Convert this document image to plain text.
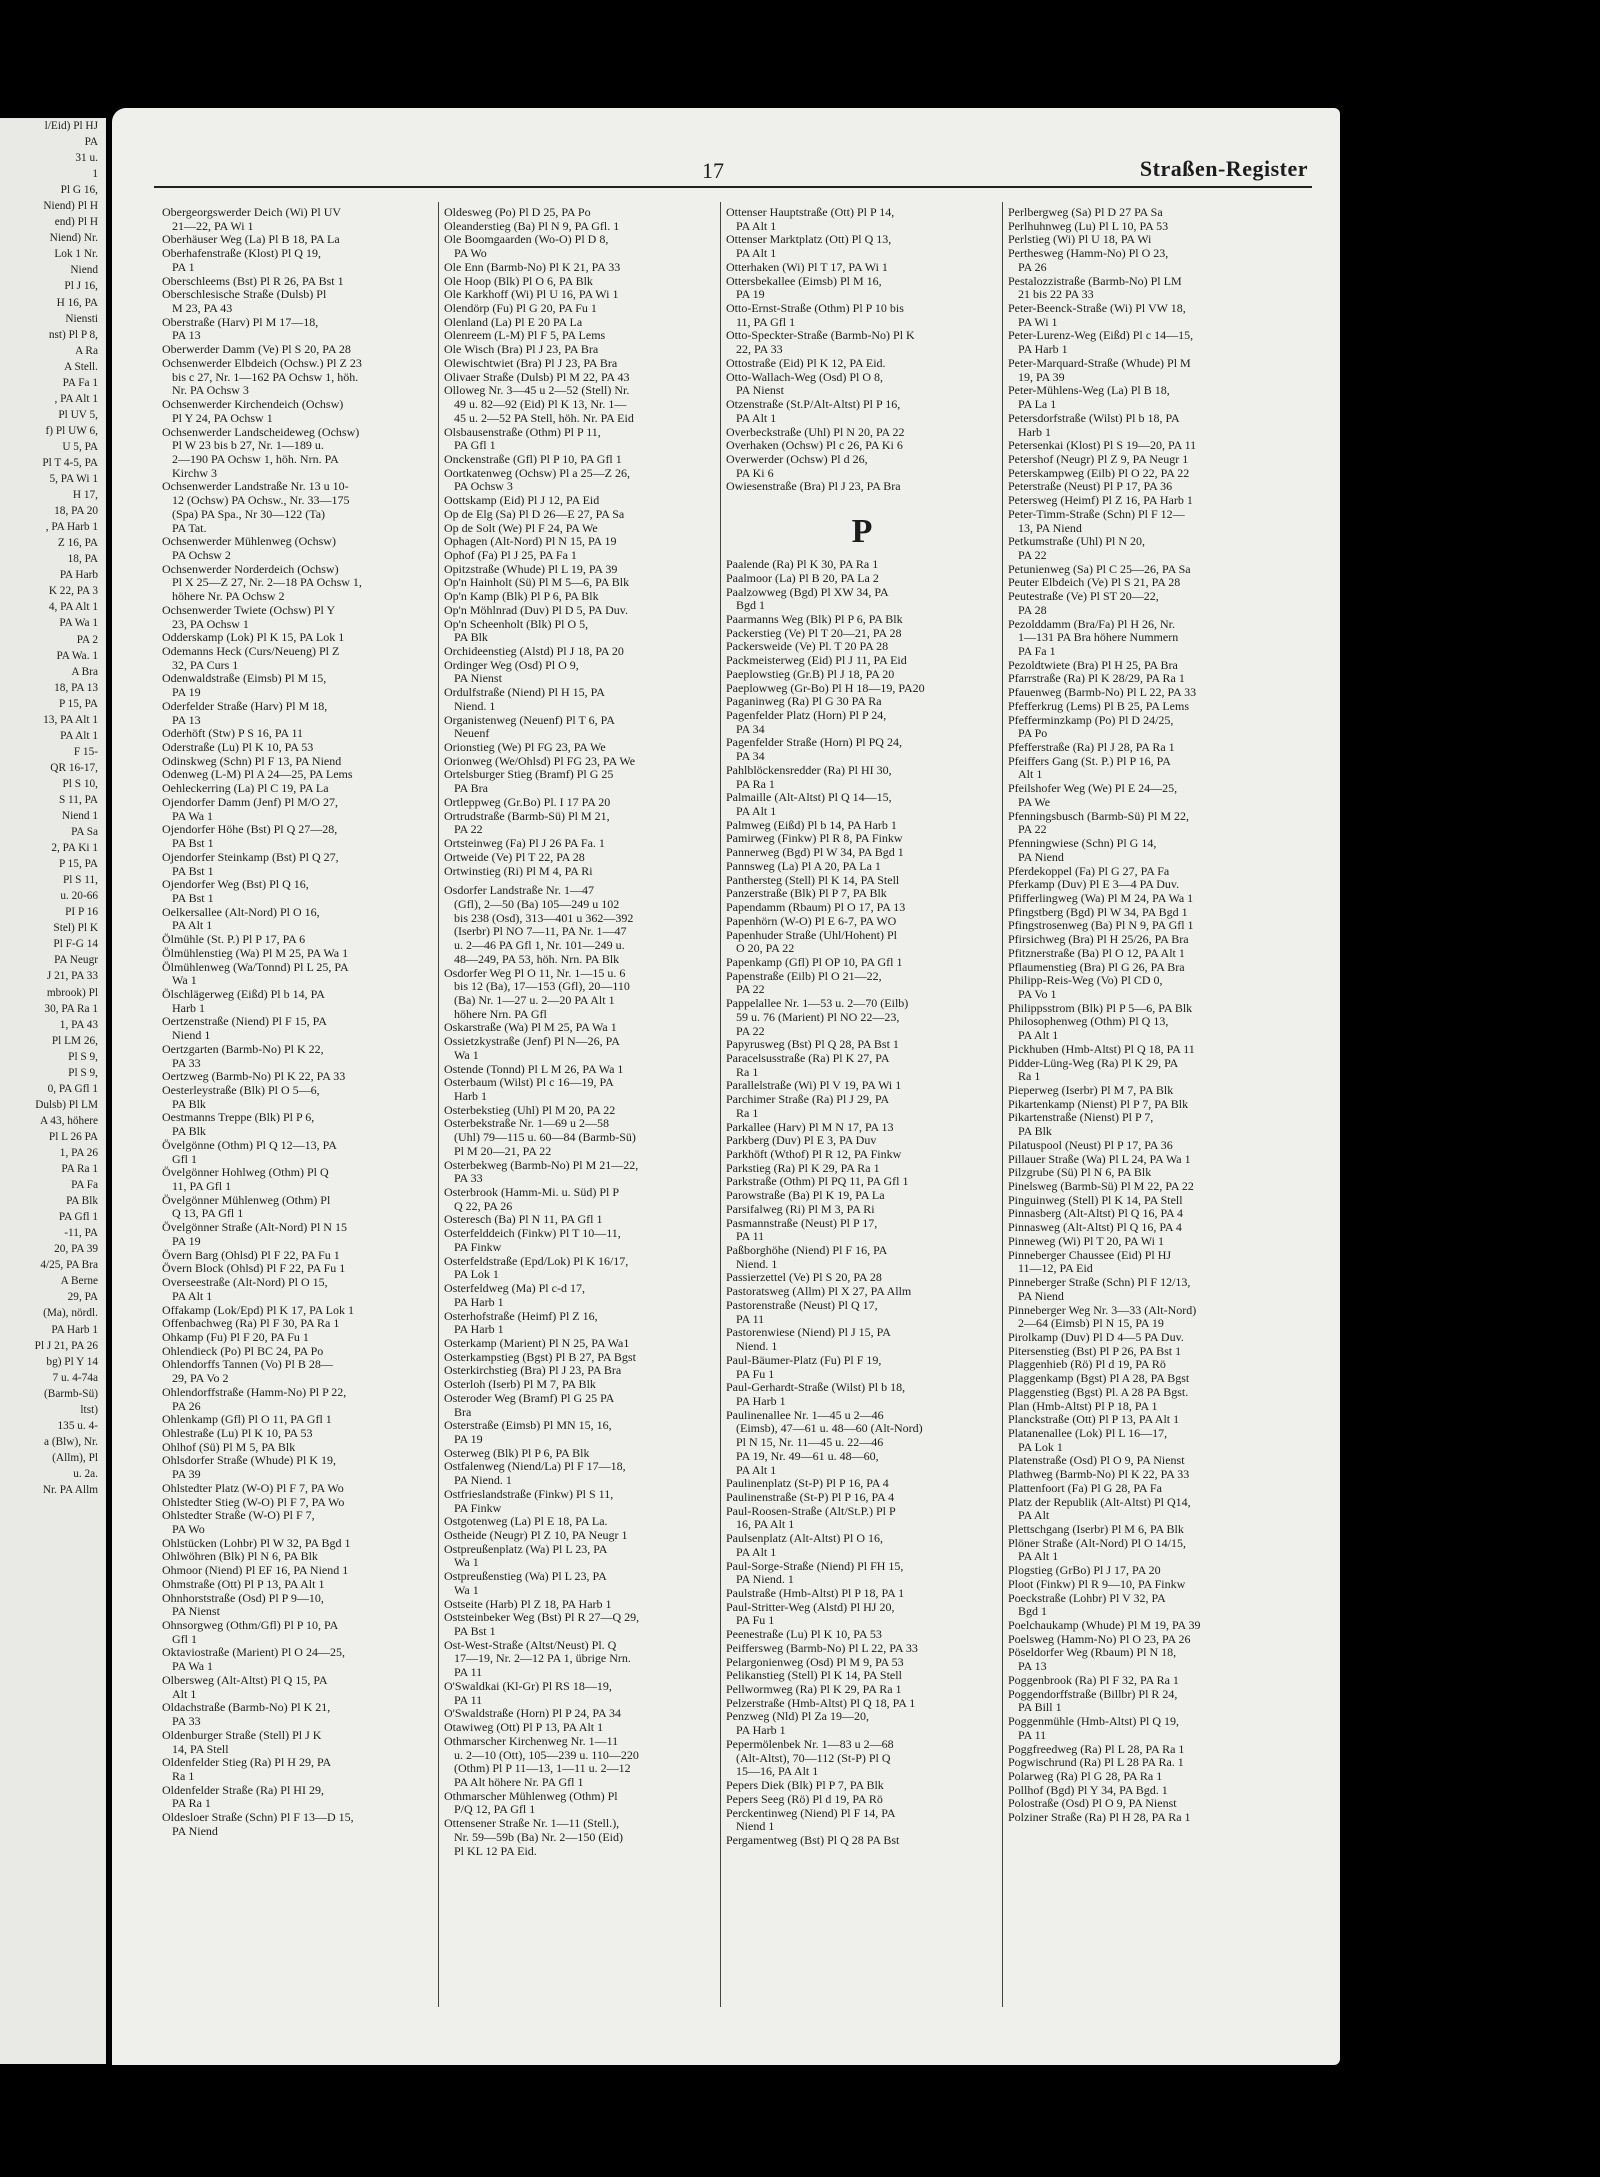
l/Eid) Pl HJ
PA
31 u.
1
Pl G 16,
Niend) Pl H
end) Pl H
Niend) Nr.
Lok 1 Nr.
Niend
Pl J 16,
H 16, PA
Niensti
nst) Pl P 8,
A Ra
A Stell.
PA Fa 1
, PA Alt 1
Pl UV 5,
f) Pl UW 6,
U 5, PA
Pl T 4-5, PA
5, PA Wi 1
H 17,
18, PA 20
, PA Harb 1
Z 16, PA
18, PA
PA Harb
K 22, PA 3
4, PA Alt 1
PA Wa 1
PA 2
PA Wa. 1
A Bra
18, PA 13
P 15, PA
13, PA Alt 1
PA Alt 1
F 15-
QR 16-17,
Pl S 10,
S 11, PA
Niend 1
PA Sa
2, PA Ki 1
P 15, PA
Pl S 11,
u. 20-66
PI P 16
Stel) Pl K
Pl F-G 14
PA Neugr
J 21, PA 33
mbrook) Pl
30, PA Ra 1
1, PA 43
Pl LM 26,
Pl S 9,
Pl S 9,
0, PA Gfl 1
Dulsb) Pl LM
A 43, höhere
Pl L 26 PA
1, PA 26
PA Ra 1
PA Fa
PA Blk
PA Gfl 1
-11, PA
20, PA 39
4/25, PA Bra
A Berne
29, PA
(Ma), nördl.
PA Harb 1
Pl J 21, PA 26
bg) Pl Y 14
7 u. 4-74a
(Barmb-Sü)
ltst)
135 u. 4-
a (Blw), Nr.
(Allm), Pl
u. 2a.
Nr. PA Allm
17	Straßen-Register
Obergeorgswerder Deich (Wi) Pl UV
21—22, PA Wi 1
Oberhäuser Weg (La) Pl B 18, PA La
Oberhafenstraße (Klost) Pl Q 19,
PA 1
Oberschleems (Bst) Pl R 26, PA Bst 1
Oberschlesische Straße (Dulsb) Pl
M 23, PA 43
Oberstraße (Harv) Pl M 17—18,
PA 13
Oberwerder Damm (Ve) Pl S 20, PA 28
Ochsenwerder Elbdeich (Ochsw.) Pl Z 23
bis c 27, Nr. 1—162 PA Ochsw 1, höh.
Nr. PA Ochsw 3
Ochsenwerder Kirchendeich (Ochsw)
Pl Y 24, PA Ochsw 1
Ochsenwerder Landscheideweg (Ochsw)
Pl W 23 bis b 27, Nr. 1—189 u.
2—190 PA Ochsw 1, höh. Nrn. PA
Kirchw 3
Ochsenwerder Landstraße Nr. 13 u 10-
12 (Ochsw) PA Ochsw., Nr. 33—175
(Spa) PA Spa., Nr 30—122 (Ta)
PA Tat.
Ochsenwerder Mühlenweg (Ochsw)
PA Ochsw 2
Ochsenwerder Norderdeich (Ochsw)
Pl X 25—Z 27, Nr. 2—18 PA Ochsw 1,
höhere Nr. PA Ochsw 2
Ochsenwerder Twiete (Ochsw) Pl Y
23, PA Ochsw 1
Odderskamp (Lok) Pl K 15, PA Lok 1
Odemanns Heck (Curs/Neueng) Pl Z
32, PA Curs 1
Odenwaldstraße (Eimsb) Pl M 15,
PA 19
Oderfelder Straße (Harv) Pl M 18,
PA 13
Oderhöft (Stw) P S 16, PA 11
Oderstraße (Lu) Pl K 10, PA 53
Odinskweg (Schn) Pl F 13, PA Niend
Odenweg (L-M) Pl A 24—25, PA Lems
Oehleckerring (La) Pl C 19, PA La
Ojendorfer Damm (Jenf) Pl M/O 27,
PA Wa 1
Ojendorfer Höhe (Bst) Pl Q 27—28,
PA Bst 1
Ojendorfer Steinkamp (Bst) Pl Q 27,
PA Bst 1
Ojendorfer Weg (Bst) Pl Q 16,
PA Bst 1
Oelkersallee (Alt-Nord) Pl O 16,
PA Alt 1
Ölmühle (St. P.) Pl P 17, PA 6
Ölmühlenstieg (Wa) Pl M 25, PA Wa 1
Ölmühlenweg (Wa/Tonnd) Pl L 25, PA
Wa 1
Ölschlägerweg (Eißd) Pl b 14, PA
Harb 1
Oertzenstraße (Niend) Pl F 15, PA
Niend 1
Oertzgarten (Barmb-No) Pl K 22,
PA 33
Oertzweg (Barmb-No) Pl K 22, PA 33
Oesterleystraße (Blk) Pl O 5—6,
PA Blk
Oestmanns Treppe (Blk) Pl P 6,
PA Blk
Övelgönne (Othm) Pl Q 12—13, PA
Gfl 1
Övelgönner Hohlweg (Othm) Pl Q
11, PA Gfl 1
Övelgönner Mühlenweg (Othm) Pl
Q 13, PA Gfl 1
Övelgönner Straße (Alt-Nord) Pl N 15
PA 19
Övern Barg (Ohlsd) Pl F 22, PA Fu 1
Övern Block (Ohlsd) Pl F 22, PA Fu 1
Overseestraße (Alt-Nord) Pl O 15,
PA Alt 1
Offakamp (Lok/Epd) Pl K 17, PA Lok 1
Offenbachweg (Ra) Pl F 30, PA Ra 1
Ohkamp (Fu) Pl F 20, PA Fu 1
Ohlendieck (Po) Pl BC 24, PA Po
Ohlendorffs Tannen (Vo) Pl B 28—
29, PA Vo 2
Ohlendorffstraße (Hamm-No) Pl P 22,
PA 26
Ohlenkamp (Gfl) Pl O 11, PA Gfl 1
Ohlestraße (Lu) Pl K 10, PA 53
Ohlhof (Sü) Pl M 5, PA Blk
Ohlsdorfer Straße (Whude) Pl K 19,
PA 39
Ohlstedter Platz (W-O) Pl F 7, PA Wo
Ohlstedter Stieg (W-O) Pl F 7, PA Wo
Ohlstedter Straße (W-O) Pl F 7,
PA Wo
Ohlstücken (Lohbr) Pl W 32, PA Bgd 1
Ohlwöhren (Blk) Pl N 6, PA Blk
Ohmoor (Niend) Pl EF 16, PA Niend 1
Ohmstraße (Ott) Pl P 13, PA Alt 1
Ohnhorststraße (Osd) Pl P 9—10,
PA Nienst
Ohnsorgweg (Othm/Gfl) Pl P 10, PA
Gfl 1
Oktaviostraße (Marient) Pl O 24—25,
PA Wa 1
Olbersweg (Alt-Altst) Pl Q 15, PA
Alt 1
Oldachstraße (Barmb-No) Pl K 21,
PA 33
Oldenburger Straße (Stell) Pl J K
14, PA Stell
Oldenfelder Stieg (Ra) Pl H 29, PA
Ra 1
Oldenfelder Straße (Ra) Pl HI 29,
PA Ra 1
Oldesloer Straße (Schn) Pl F 13—D 15,
PA Niend
Oldesweg (Po) Pl D 25, PA Po
Oleanderstieg (Ba) Pl N 9, PA Gfl. 1
Ole Boomgaarden (Wo-O) Pl D 8,
PA Wo
Ole Enn (Barmb-No) Pl K 21, PA 33
Ole Hoop (Blk) Pl O 6, PA Blk
Ole Karkhoff (Wi) Pl U 16, PA Wi 1
Olendörp (Fu) Pl G 20, PA Fu 1
Olenland (La) Pl E 20 PA La
Olenreem (L-M) Pl F 5, PA Lems
Ole Wisch (Bra) Pl J 23, PA Bra
Olewischtwiet (Bra) Pl J 23, PA Bra
Olivaer Straße (Dulsb) Pl M 22, PA 43
Olloweg Nr. 3—45 u 2—52 (Stell) Nr.
49 u. 82—92 (Eid) Pl K 13, Nr. 1—
45 u. 2—52 PA Stell, höh. Nr. PA Eid
Olsbausenstraße (Othm) Pl P 11,
PA Gfl 1
Onckenstraße (Gfl) Pl P 10, PA Gfl 1
Oortkatenweg (Ochsw) Pl a 25—Z 26,
PA Ochsw 3
Oottskamp (Eid) Pl J 12, PA Eid
Op de Elg (Sa) Pl D 26—E 27, PA Sa
Op de Solt (We) Pl F 24, PA We
Ophagen (Alt-Nord) Pl N 15, PA 19
Ophof (Fa) Pl J 25, PA Fa 1
Opitzstraße (Whude) Pl L 19, PA 39
Op'n Hainholt (Sü) Pl M 5—6, PA Blk
Op'n Kamp (Blk) Pl P 6, PA Blk
Op'n Möhlnrad (Duv) Pl D 5, PA Duv.
Op'n Scheenholt (Blk) Pl O 5,
PA Blk
Orchideenstieg (Alstd) Pl J 18, PA 20
Ordinger Weg (Osd) Pl O 9,
PA Nienst
Ordulfstraße (Niend) Pl H 15, PA
Niend. 1
Organistenweg (Neuenf) Pl T 6, PA
Neuenf
Orionstieg (We) Pl FG 23, PA We
Orionweg (We/Ohlsd) Pl FG 23, PA We
Ortelsburger Stieg (Bramf) Pl G 25
PA Bra
Ortleppweg (Gr.Bo) Pl. I 17 PA 20
Ortrudstraße (Barmb-Sü) Pl M 21,
PA 22
Ortsteinweg (Fa) Pl J 26 PA Fa. 1
Ortweide (Ve) Pl T 22, PA 28
Ortwinstieg (Ri) Pl M 4, PA Ri
Osdorfer Landstraße Nr. 1—47
(Gfl), 2—50 (Ba) 105—249 u 102
bis 238 (Osd), 313—401 u 362—392
(Iserbr) Pl NO 7—11, PA Nr. 1—47
u. 2—46 PA Gfl 1, Nr. 101—249 u.
48—249, PA 53, höh. Nrn. PA Blk
Osdorfer Weg Pl O 11, Nr. 1—15 u. 6
bis 12 (Ba), 17—153 (Gfl), 20—110
(Ba) Nr. 1—27 u. 2—20 PA Alt 1
höhere Nrn. PA Gfl
Oskarstraße (Wa) Pl M 25, PA Wa 1
Ossietzkystraße (Jenf) Pl N—26, PA
Wa 1
Ostende (Tonnd) Pl L M 26, PA Wa 1
Osterbaum (Wilst) Pl c 16—19, PA
Harb 1
Osterbekstieg (Uhl) Pl M 20, PA 22
Osterbekstraße Nr. 1—69 u 2—58
(Uhl) 79—115 u. 60—84 (Barmb-Sü)
Pl M 20—21, PA 22
Osterbekweg (Barmb-No) Pl M 21—22,
PA 33
Osterbrook (Hamm-Mi. u. Süd) Pl P
Q 22, PA 26
Osteresch (Ba) Pl N 11, PA Gfl 1
Osterfelddeich (Finkw) Pl T 10—11,
PA Finkw
Osterfeldstraße (Epd/Lok) Pl K 16/17,
PA Lok 1
Osterfeldweg (Ma) Pl c-d 17,
PA Harb 1
Osterhofstraße (Heimf) Pl Z 16,
PA Harb 1
Osterkamp (Marient) Pl N 25, PA Wa1
Osterkampstieg (Bgst) Pl B 27, PA Bgst
Osterkirchstieg (Bra) Pl J 23, PA Bra
Osterloh (Iserb) Pl M 7, PA Blk
Osteroder Weg (Bramf) Pl G 25 PA
Bra
Osterstraße (Eimsb) Pl MN 15, 16,
PA 19
Osterweg (Blk) Pl P 6, PA Blk
Ostfalenweg (Niend/La) Pl F 17—18,
PA Niend. 1
Ostfrieslandstraße (Finkw) Pl S 11,
PA Finkw
Ostgotenweg (La) Pl E 18, PA La.
Ostheide (Neugr) Pl Z 10, PA Neugr 1
Ostpreußenplatz (Wa) Pl L 23, PA
Wa 1
Ostpreußenstieg (Wa) Pl L 23, PA
Wa 1
Ostseite (Harb) Pl Z 18, PA Harb 1
Oststeinbeker Weg (Bst) Pl R 27—Q 29,
PA Bst 1
Ost-West-Straße (Altst/Neust) Pl. Q
17—19, Nr. 2—12 PA 1, übrige Nrn.
PA 11
O'Swaldkai (Kl-Gr) Pl RS 18—19,
PA 11
O'Swaldstraße (Horn) Pl P 24, PA 34
Otawiweg (Ott) Pl P 13, PA Alt 1
Othmarscher Kirchenweg Nr. 1—11
u. 2—10 (Ott), 105—239 u. 110—220
(Othm) Pl P 11—13, 1—11 u. 2—12
PA Alt höhere Nr. PA Gfl 1
Othmarscher Mühlenweg (Othm) Pl
P/Q 12, PA Gfl 1
Ottensener Straße Nr. 1—11 (Stell.),
Nr. 59—59b (Ba) Nr. 2—150 (Eid)
Pl KL 12 PA Eid.
Ottenser Hauptstraße (Ott) Pl P 14,
PA Alt 1
Ottenser Marktplatz (Ott) Pl Q 13,
PA Alt 1
Otterhaken (Wi) Pl T 17, PA Wi 1
Ottersbekallee (Eimsb) Pl M 16,
PA 19
Otto-Ernst-Straße (Othm) Pl P 10 bis
11, PA Gfl 1
Otto-Speckter-Straße (Barmb-No) Pl K
22, PA 33
Ottostraße (Eid) Pl K 12, PA Eid.
Otto-Wallach-Weg (Osd) Pl O 8,
PA Nienst
Otzenstraße (St.P/Alt-Altst) Pl P 16,
PA Alt 1
Overbeckstraße (Uhl) Pl N 20, PA 22
Overhaken (Ochsw) Pl c 26, PA Ki 6
Overwerder (Ochsw) Pl d 26,
PA Ki 6
Owiesenstraße (Bra) Pl J 23, PA Bra
P
Paalende (Ra) Pl K 30, PA Ra 1
Paalmoor (La) Pl B 20, PA La 2
Paalzowweg (Bgd) Pl XW 34, PA
Bgd 1
Paarmanns Weg (Blk) Pl P 6, PA Blk
Packerstieg (Ve) Pl T 20—21, PA 28
Packersweide (Ve) Pl. T 20 PA 28
Packmeisterweg (Eid) Pl J 11, PA Eid
Paeplowstieg (Gr.B) Pl J 18, PA 20
Paeplowweg (Gr-Bo) Pl H 18—19, PA20
Paganinweg (Ra) Pl G 30 PA Ra
Pagenfelder Platz (Horn) Pl P 24,
PA 34
Pagenfelder Straße (Horn) Pl PQ 24,
PA 34
Pahlblöckensredder (Ra) Pl HI 30,
PA Ra 1
Palmaille (Alt-Altst) Pl Q 14—15,
PA Alt 1
Palmweg (Eißd) Pl b 14, PA Harb 1
Pamirweg (Finkw) Pl R 8, PA Finkw
Pannerweg (Bgd) Pl W 34, PA Bgd 1
Pannsweg (La) Pl A 20, PA La 1
Panthersteg (Stell) Pl K 14, PA Stell
Panzerstraße (Blk) Pl P 7, PA Blk
Papendamm (Rbaum) Pl O 17, PA 13
Papenhörn (W-O) Pl E 6-7, PA WO
Papenhuder Straße (Uhl/Hohent) Pl
O 20, PA 22
Papenkamp (Gfl) Pl OP 10, PA Gfl 1
Papenstraße (Eilb) Pl O 21—22,
PA 22
Pappelallee Nr. 1—53 u. 2—70 (Eilb)
59 u. 76 (Marient) Pl NO 22—23,
PA 22
Papyrusweg (Bst) Pl Q 28, PA Bst 1
Paracelsusstraße (Ra) Pl K 27, PA
Ra 1
Parallelstraße (Wi) Pl V 19, PA Wi 1
Parchimer Straße (Ra) Pl J 29, PA
Ra 1
Parkallee (Harv) Pl M N 17, PA 13
Parkberg (Duv) Pl E 3, PA Duv
Parkhöft (Wthof) Pl R 12, PA Finkw
Parkstieg (Ra) Pl K 29, PA Ra 1
Parkstraße (Othm) Pl PQ 11, PA Gfl 1
Parowstraße (Ba) Pl K 19, PA La
Parsifalweg (Ri) Pl M 3, PA Ri
Pasmannstraße (Neust) Pl P 17,
PA 11
Paßborghöhe (Niend) Pl F 16, PA
Niend. 1
Passierzettel (Ve) Pl S 20, PA 28
Pastoratsweg (Allm) Pl X 27, PA Allm
Pastorenstraße (Neust) Pl Q 17,
PA 11
Pastorenwiese (Niend) Pl J 15, PA
Niend. 1
Paul-Bäumer-Platz (Fu) Pl F 19,
PA Fu 1
Paul-Gerhardt-Straße (Wilst) Pl b 18,
PA Harb 1
Paulinenallee Nr. 1—45 u 2—46
(Eimsb), 47—61 u. 48—60 (Alt-Nord)
Pl N 15, Nr. 11—45 u. 22—46
PA 19, Nr. 49—61 u. 48—60,
PA Alt 1
Paulinenplatz (St-P) Pl P 16, PA 4
Paulinenstraße (St-P) Pl P 16, PA 4
Paul-Roosen-Straße (Alt/St.P.) Pl P
16, PA Alt 1
Paulsenplatz (Alt-Altst) Pl O 16,
PA Alt 1
Paul-Sorge-Straße (Niend) Pl FH 15,
PA Niend. 1
Paulstraße (Hmb-Altst) Pl P 18, PA 1
Paul-Stritter-Weg (Alstd) Pl HJ 20,
PA Fu 1
Peenestraße (Lu) Pl K 10, PA 53
Peiffersweg (Barmb-No) Pl L 22, PA 33
Pelargonienweg (Osd) Pl M 9, PA 53
Pelikanstieg (Stell) Pl K 14, PA Stell
Pellwormweg (Ra) Pl K 29, PA Ra 1
Pelzerstraße (Hmb-Altst) Pl Q 18, PA 1
Penzweg (Nld) Pl Za 19—20,
PA Harb 1
Pepermölenbek Nr. 1—83 u 2—68
(Alt-Altst), 70—112 (St-P) Pl Q
15—16, PA Alt 1
Pepers Diek (Blk) Pl P 7, PA Blk
Pepers Seeg (Rö) Pl d 19, PA Rö
Perckentinweg (Niend) Pl F 14, PA
Niend 1
Pergamentweg (Bst) Pl Q 28 PA Bst
Perlbergweg (Sa) Pl D 27 PA Sa
Perlhuhnweg (Lu) Pl L 10, PA 53
Perlstieg (Wi) Pl U 18, PA Wi
Perthesweg (Hamm-No) Pl O 23,
PA 26
Pestalozzistraße (Barmb-No) Pl LM
21 bis 22 PA 33
Peter-Beenck-Straße (Wi) Pl VW 18,
PA Wi 1
Peter-Lurenz-Weg (Eißd) Pl c 14—15,
PA Harb 1
Peter-Marquard-Straße (Whude) Pl M
19, PA 39
Peter-Mühlens-Weg (La) Pl B 18,
PA La 1
Petersdorfstraße (Wilst) Pl b 18, PA
Harb 1
Petersenkai (Klost) Pl S 19—20, PA 11
Petershof (Neugr) Pl Z 9, PA Neugr 1
Peterskampweg (Eilb) Pl O 22, PA 22
Peterstraße (Neust) Pl P 17, PA 36
Petersweg (Heimf) Pl Z 16, PA Harb 1
Peter-Timm-Straße (Schn) Pl F 12—
13, PA Niend
Petkumstraße (Uhl) Pl N 20,
PA 22
Petunienweg (Sa) Pl C 25—26, PA Sa
Peuter Elbdeich (Ve) Pl S 21, PA 28
Peutestraße (Ve) Pl ST 20—22,
PA 28
Pezolddamm (Bra/Fa) Pl H 26, Nr.
1—131 PA Bra höhere Nummern
PA Fa 1
Pezoldtwiete (Bra) Pl H 25, PA Bra
Pfarrstraße (Ra) Pl K 28/29, PA Ra 1
Pfauenweg (Barmb-No) Pl L 22, PA 33
Pfefferkrug (Lems) Pl B 25, PA Lems
Pfefferminzkamp (Po) Pl D 24/25,
PA Po
Pfefferstraße (Ra) Pl J 28, PA Ra 1
Pfeiffers Gang (St. P.) Pl P 16, PA
Alt 1
Pfeilshofer Weg (We) Pl E 24—25,
PA We
Pfenningsbusch (Barmb-Sü) Pl M 22,
PA 22
Pfenningwiese (Schn) Pl G 14,
PA Niend
Pferdekoppel (Fa) Pl G 27, PA Fa
Pferkamp (Duv) Pl E 3—4 PA Duv.
Pfifferlingweg (Wa) Pl M 24, PA Wa 1
Pfingstberg (Bgd) Pl W 34, PA Bgd 1
Pfingstrosenweg (Ba) Pl N 9, PA Gfl 1
Pfirsichweg (Bra) Pl H 25/26, PA Bra
Pfitznerstraße (Ba) Pl O 12, PA Alt 1
Pflaumenstieg (Bra) Pl G 26, PA Bra
Philipp-Reis-Weg (Vo) Pl CD 0,
PA Vo 1
Philippsstrom (Blk) Pl P 5—6, PA Blk
Philosophenweg (Othm) Pl Q 13,
PA Alt 1
Pickhuben (Hmb-Altst) Pl Q 18, PA 11
Pidder-Lüng-Weg (Ra) Pl K 29, PA
Ra 1
Pieperweg (Iserbr) Pl M 7, PA Blk
Pikartenkamp (Nienst) Pl P 7, PA Blk
Pikartenstraße (Nienst) Pl P 7,
PA Blk
Pilatuspool (Neust) Pl P 17, PA 36
Pillauer Straße (Wa) Pl L 24, PA Wa 1
Pilzgrube (Sü) Pl N 6, PA Blk
Pinelsweg (Barmb-Sü) Pl M 22, PA 22
Pinguinweg (Stell) Pl K 14, PA Stell
Pinnasberg (Alt-Altst) Pl Q 16, PA 4
Pinnasweg (Alt-Altst) Pl Q 16, PA 4
Pinneweg (Wi) Pl T 20, PA Wi 1
Pinneberger Chaussee (Eid) Pl HJ
11—12, PA Eid
Pinneberger Straße (Schn) Pl F 12/13,
PA Niend
Pinneberger Weg Nr. 3—33 (Alt-Nord)
2—64 (Eimsb) Pl N 15, PA 19
Pirolkamp (Duv) Pl D 4—5 PA Duv.
Pitersenstieg (Bst) Pl P 26, PA Bst 1
Plaggenhieb (Rö) Pl d 19, PA Rö
Plaggenkamp (Bgst) Pl A 28, PA Bgst
Plaggenstieg (Bgst) Pl. A 28 PA Bgst.
Plan (Hmb-Altst) Pl P 18, PA 1
Planckstraße (Ott) Pl P 13, PA Alt 1
Platanenallee (Lok) Pl L 16—17,
PA Lok 1
Platenstraße (Osd) Pl O 9, PA Nienst
Plathweg (Barmb-No) Pl K 22, PA 33
Plattenfoort (Fa) Pl G 28, PA Fa
Platz der Republik (Alt-Altst) Pl Q14,
PA Alt
Plettschgang (Iserbr) Pl M 6, PA Blk
Plöner Straße (Alt-Nord) Pl O 14/15,
PA Alt 1
Plogstieg (GrBo) Pl J 17, PA 20
Ploot (Finkw) Pl R 9—10, PA Finkw
Poeckstraße (Lohbr) Pl V 32, PA
Bgd 1
Poelchaukamp (Whude) Pl M 19, PA 39
Poelsweg (Hamm-No) Pl O 23, PA 26
Pöseldorfer Weg (Rbaum) Pl N 18,
PA 13
Poggenbrook (Ra) Pl F 32, PA Ra 1
Poggendorffstraße (Billbr) Pl R 24,
PA Bill 1
Poggenmühle (Hmb-Altst) Pl Q 19,
PA 11
Poggfreedweg (Ra) Pl L 28, PA Ra 1
Pogwischrund (Ra) Pl L 28 PA Ra. 1
Polarweg (Ra) Pl G 28, PA Ra 1
Pollhof (Bgd) Pl Y 34, PA Bgd. 1
Polostraße (Osd) Pl O 9, PA Nienst
Polziner Straße (Ra) Pl H 28, PA Ra 1
